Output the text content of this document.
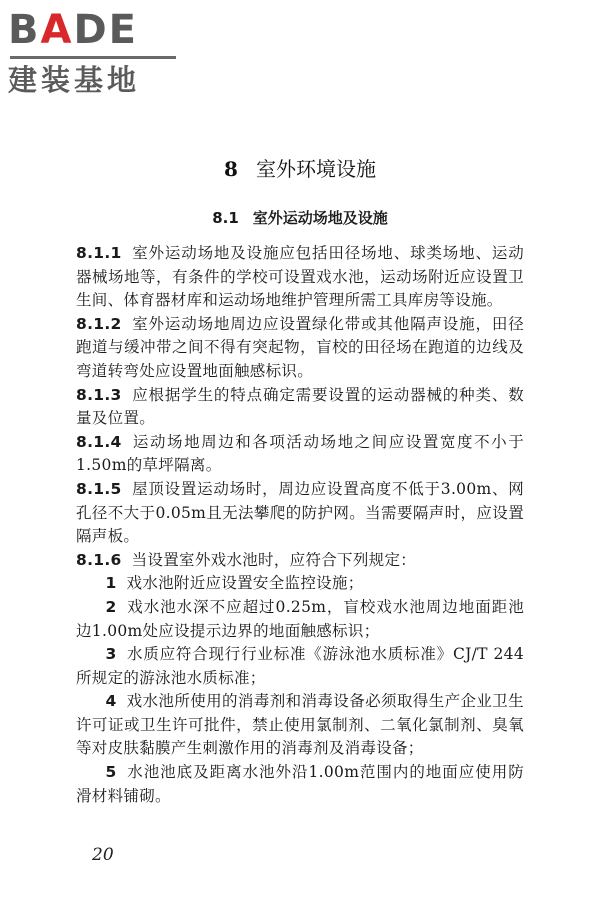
BADE
建装基地
8 室外环境设施
8.1 室外运动场地及设施

8.1.1 室外运动场地及设施应包括田径场地、球类场地、运动器械场地等，有条件的学校可设置戏水池，运动场附近应设置卫生间、体育器材库和运动场地维护管理所需工具库房等设施。

8.1.2 室外运动场地周边应设置绿化带或其他隔声设施，田径跑道与缓冲带之间不得有突起物，盲校的田径场在跑道的边线及弯道转弯处应设置地面触感标识。

8.1.3 应根据学生的特点确定需要设置的运动器械的种类、数量及位置。

8.1.4 运动场地周边和各项活动场地之间应设置宽度不小于1.50m的草坪隔离。

8.1.5 屋顶设置运动场时，周边应设置高度不低于3.00m、网孔径不大于0.05m且无法攀爬的防护网。当需要隔声时，应设置隔声板。

8.1.6 当设置室外戏水池时，应符合下列规定：

1 戏水池附近应设置安全监控设施；

2 戏水池水深不应超过0.25m，盲校戏水池周边地面距池边1.00m处应设提示边界的地面触感标识；

3 水质应符合现行行业标准《游泳池水质标准》CJ/T 244所规定的游泳池水质标准；

4 戏水池所使用的消毒剂和消毒设备必须取得生产企业卫生许可证或卫生许可批件，禁止使用氯制剂、二氧化氯制剂、臭氧等对皮肤黏膜产生刺激作用的消毒剂及消毒设备；

5 水池池底及距离水池外沿1.00m范围内的地面应使用防滑材料铺砌。

20
